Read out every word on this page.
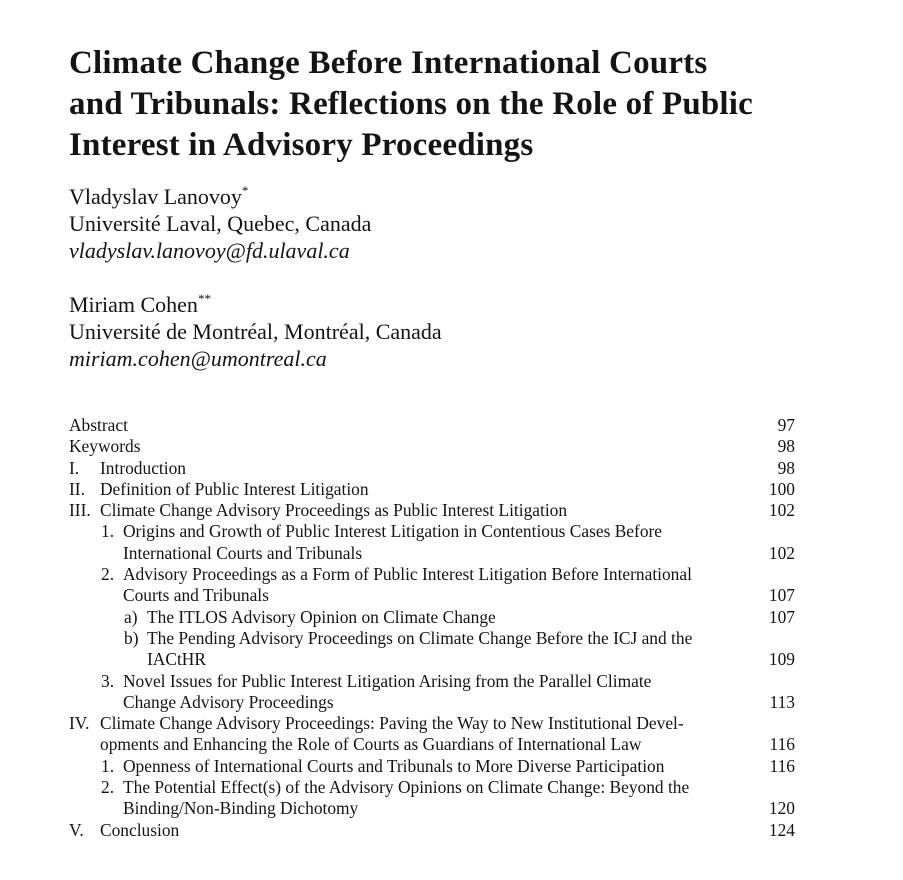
Climate Change Before International Courts
and Tribunals: Reflections on the Role of Public
Interest in Advisory Proceedings
Vladyslav Lanovoy*
Université Laval, Quebec, Canada
vladyslav.lanovoy@fd.ulaval.ca
Miriam Cohen**
Université de Montréal, Montréal, Canada
miriam.cohen@umontreal.ca
Abstract	97
Keywords	98
I. Introduction	98
II. Definition of Public Interest Litigation	100
III. Climate Change Advisory Proceedings as Public Interest Litigation	102
1. Origins and Growth of Public Interest Litigation in Contentious Cases Before
International Courts and Tribunals	102
2. Advisory Proceedings as a Form of Public Interest Litigation Before International
Courts and Tribunals	107
a) The ITLOS Advisory Opinion on Climate Change	107
b) The Pending Advisory Proceedings on Climate Change Before the ICJ and the
IACtHR	109
3. Novel Issues for Public Interest Litigation Arising from the Parallel Climate
Change Advisory Proceedings	113
IV. Climate Change Advisory Proceedings: Paving the Way to New Institutional Devel-
opments and Enhancing the Role of Courts as Guardians of International Law	116
1. Openness of International Courts and Tribunals to More Diverse Participation	116
2. The Potential Effect(s) of the Advisory Opinions on Climate Change: Beyond the
Binding/Non-Binding Dichotomy	120
V. Conclusion	124
